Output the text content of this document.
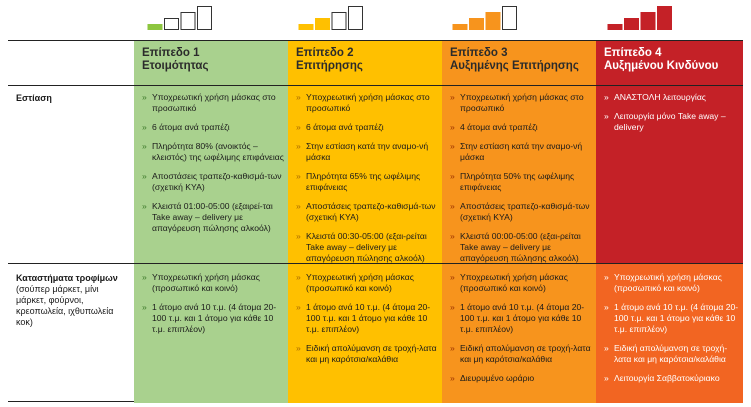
Επίπεδο 1
Ετοιμότητας
Επίπεδο 2
Επιτήρησης
Επίπεδο 3
Αυξημένης Επιτήρησης
Επίπεδο 4
Αυξημένου Κινδύνου
Εστίαση
»	Υποχρεωτική χρήση μάσκας στο προσωπικό
» 6 άτομα ανά τραπέζι
» Πληρότητα 80% (ανοικτός – κλειστός) της ωφέλιμης επιφάνειας
» Αποστάσεις τραπεζο-καθισμά-των (σχετική ΚΥΑ)
» Κλειστά 01:00-05:00 (εξαιρεί-ται Take away – delivery με απαγόρευση πώλησης αλκοόλ)
» Υποχρεωτική χρήση μάσκας στο προσωπικό
» 6 άτομα ανά τραπέζι
» Στην εστίαση κατά την αναμο-νή μάσκα
» Πληρότητα 65% της ωφέλιμης επιφάνειας
» Αποστάσεις τραπεζο-καθισμά-των (σχετική ΚΥΑ)
» Κλειστά 00:30-05:00 (εξαι-ρείται Take away – delivery με απαγόρευση πώλησης αλκοόλ)
» Υποχρεωτική χρήση μάσκας στο προσωπικό
» 4 άτομα ανά τραπέζι
» Στην εστίαση κατά την αναμο-νή μάσκα
» Πληρότητα 50% της ωφέλιμης επιφάνειας
» Αποστάσεις τραπεζο-καθισμά-των (σχετική ΚΥΑ)
» Κλειστά 00:00-05:00 (εξαι-ρείται Take away – delivery με απαγόρευση πώλησης αλκοόλ)
» ΑΝΑΣΤΟΛΗ λειτουργίας
» Λειτουργία μόνο Take away – delivery
Καταστήματα τροφίμων
(σούπερ μάρκετ, μίνι μάρκετ, φούρνοι, κρεοπωλεία, ιχθυπωλεία κοκ)
» Υποχρεωτική χρήση μάσκας (προσωπικό και κοινό)
» 1 άτομο ανά 10 τ.μ. (4 άτομα 20-100 τ.μ. και 1 άτομο για κάθε 10 τ.μ. επιπλέον)
» Υποχρεωτική χρήση μάσκας (προσωπικό και κοινό)
» 1 άτομο ανά 10 τ.μ. (4 άτομα 20-100 τ.μ. και 1 άτομο για κάθε 10 τ.μ. επιπλέον)
» Ειδική απολύμανση σε τροχή-λατα και μη καρότσια/καλάθια
» Υποχρεωτική χρήση μάσκας (προσωπικό και κοινό)
» 1 άτομο ανά 10 τ.μ. (4 άτομα 20-100 τ.μ. και 1 άτομο για κάθε 10 τ.μ. επιπλέον)
» Ειδική απολύμανση σε τροχή-λατα και μη καρότσια/καλάθια
» Διευρυμένο ωράριο
» Υποχρεωτική χρήση μάσκας (προσωπικό και κοινό)
» 1 άτομο ανά 10 τ.μ. (4 άτομα 20-100 τ.μ. και 1 άτομο για κάθε 10 τ.μ. επιπλέον)
» Ειδική απολύμανση σε τροχή-λατα και μη καρότσια/καλάθια
» Λειτουργία Σαββατοκύριακο
